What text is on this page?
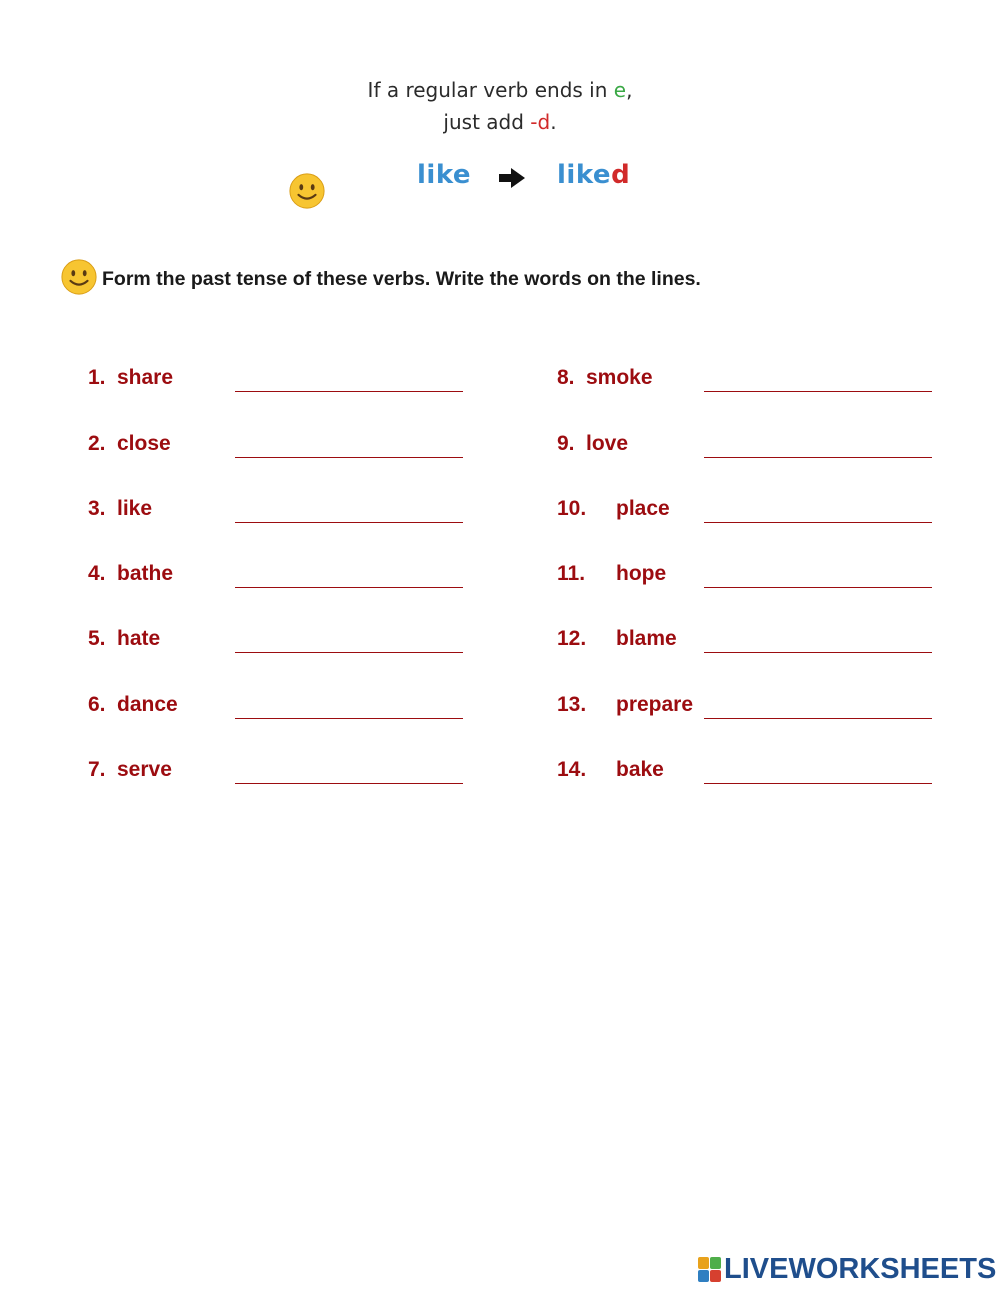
If a regular verb ends in e,
just add -d.
like	liked
Form the past tense of these verbs. Write the words on the lines.
1. share
2. close
3. like
4. bathe
5. hate
6. dance
7. serve
8. smoke
9. love
10. place
11. hope
12. blame
13. prepare
14. bake
LIVEWORKSHEETS
